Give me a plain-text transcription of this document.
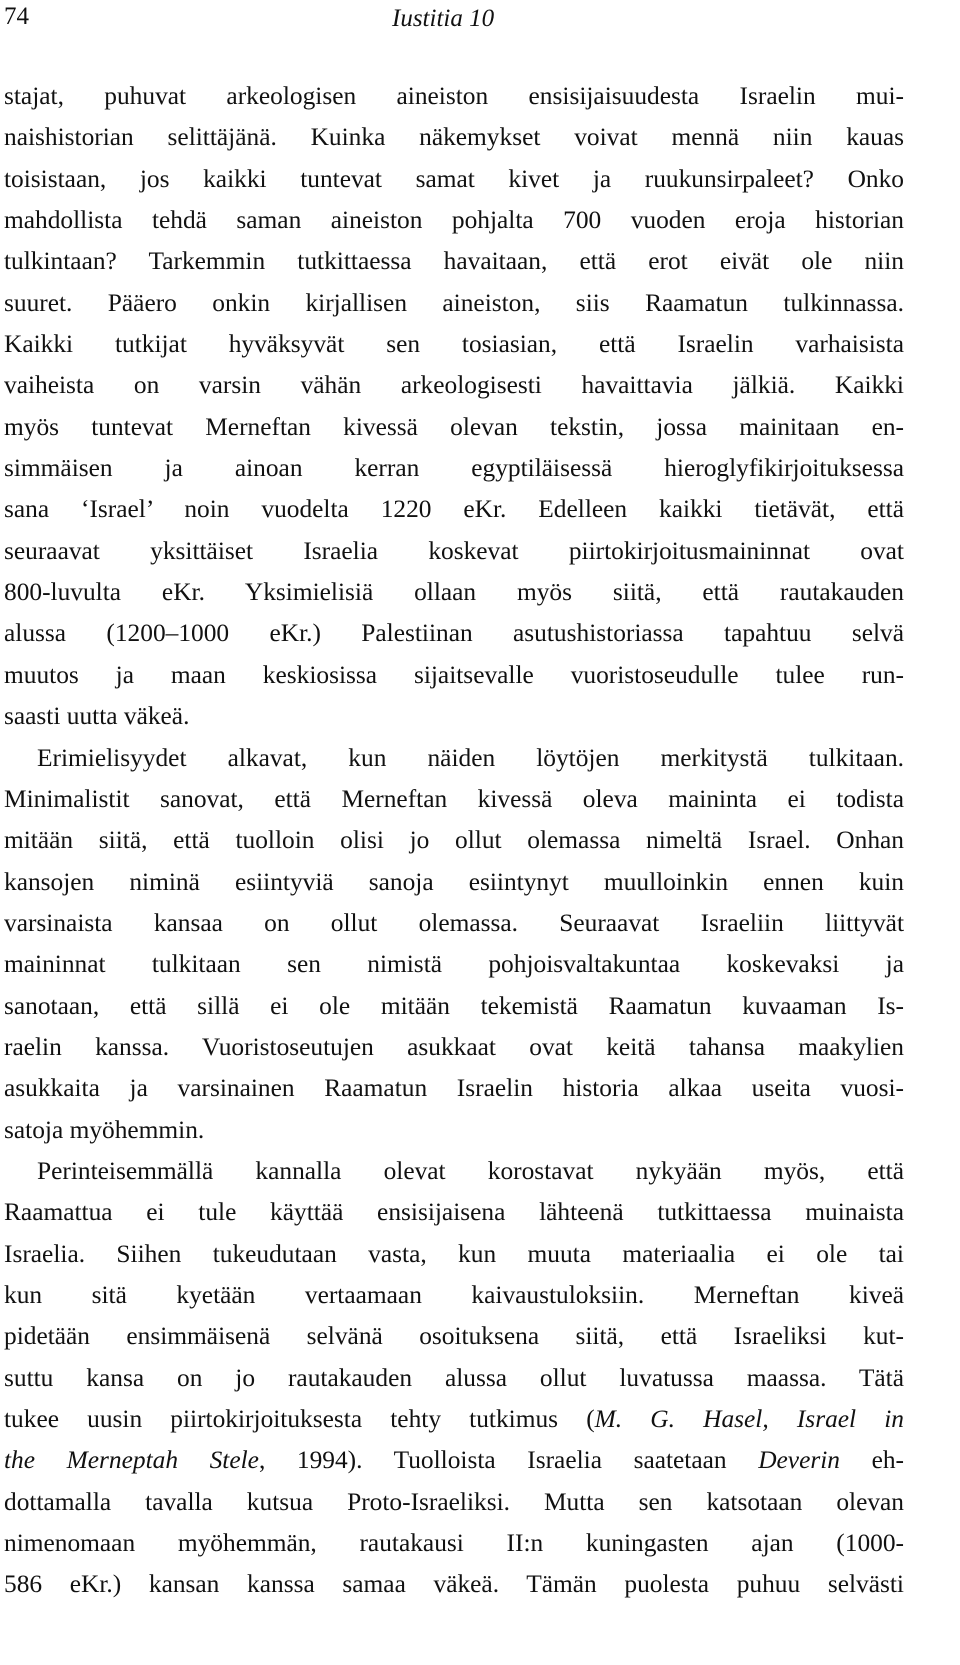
74	Iustitia 10

stajat, puhuvat arkeologisen aineiston ensisijaisuudesta Israelin mui-
naishistorian selittäjänä. Kuinka näkemykset voivat mennä niin kauas
toisistaan, jos kaikki tuntevat samat kivet ja ruukunsirpaleet? Onko
mahdollista tehdä saman aineiston pohjalta 700 vuoden eroja historian
tulkintaan? Tarkemmin tutkittaessa havaitaan, että erot eivät ole niin
suuret. Pääero onkin kirjallisen aineiston, siis Raamatun tulkinnassa.
Kaikki tutkijat hyväksyvät sen tosiasian, että Israelin varhaisista
vaiheista on varsin vähän arkeologisesti havaittavia jälkiä. Kaikki
myös tuntevat Merneftan kivessä olevan tekstin, jossa mainitaan en-
simmäisen ja ainoan kerran egyptiläisessä hieroglyfikirjoituksessa
sana ‘Israel’ noin vuodelta 1220 eKr. Edelleen kaikki tietävät, että
seuraavat yksittäiset Israelia koskevat piirtokirjoitusmaininnat ovat
800-luvulta eKr. Yksimielisiä ollaan myös siitä, että rautakauden
alussa (1200–1000 eKr.) Palestiinan asutushistoriassa tapahtuu selvä
muutos ja maan keskiosissa sijaitsevalle vuoristoseudulle tulee run-
saasti uutta väkeä.

Erimielisyydet alkavat, kun näiden löytöjen merkitystä tulkitaan.
Minimalistit sanovat, että Merneftan kivessä oleva maininta ei todista
mitään siitä, että tuolloin olisi jo ollut olemassa nimeltä Israel. Onhan
kansojen niminä esiintyviä sanoja esiintynyt muulloinkin ennen kuin
varsinaista kansaa on ollut olemassa. Seuraavat Israeliin liittyvät
maininnat tulkitaan sen nimistä pohjoisvaltakuntaa koskevaksi ja
sanotaan, että sillä ei ole mitään tekemistä Raamatun kuvaaman Is-
raelin kanssa. Vuoristoseutujen asukkaat ovat keitä tahansa maakylien
asukkaita ja varsinainen Raamatun Israelin historia alkaa useita vuosi-
satoja myöhemmin.

Perinteisemmällä kannalla olevat korostavat nykyään myös, että
Raamattua ei tule käyttää ensisijaisena lähteenä tutkittaessa muinaista
Israelia. Siihen tukeudutaan vasta, kun muuta materiaalia ei ole tai
kun sitä kyetään vertaamaan kaivaustuloksiin. Merneftan kiveä
pidetään ensimmäisenä selvänä osoituksena siitä, että Israeliksi kut-
suttu kansa on jo rautakauden alussa ollut luvatussa maassa. Tätä
tukee uusin piirtokirjoituksesta tehty tutkimus (M. G. Hasel, Israel in
the Merneptah Stele, 1994). Tuolloista Israelia saatetaan Deverin eh-
dottamalla tavalla kutsua Proto-Israeliksi. Mutta sen katsotaan olevan
nimenomaan myöhemmän, rautakausi II:n kuningasten ajan (1000-
586 eKr.) kansan kanssa samaa väkeä. Tämän puolesta puhuu selvästi
